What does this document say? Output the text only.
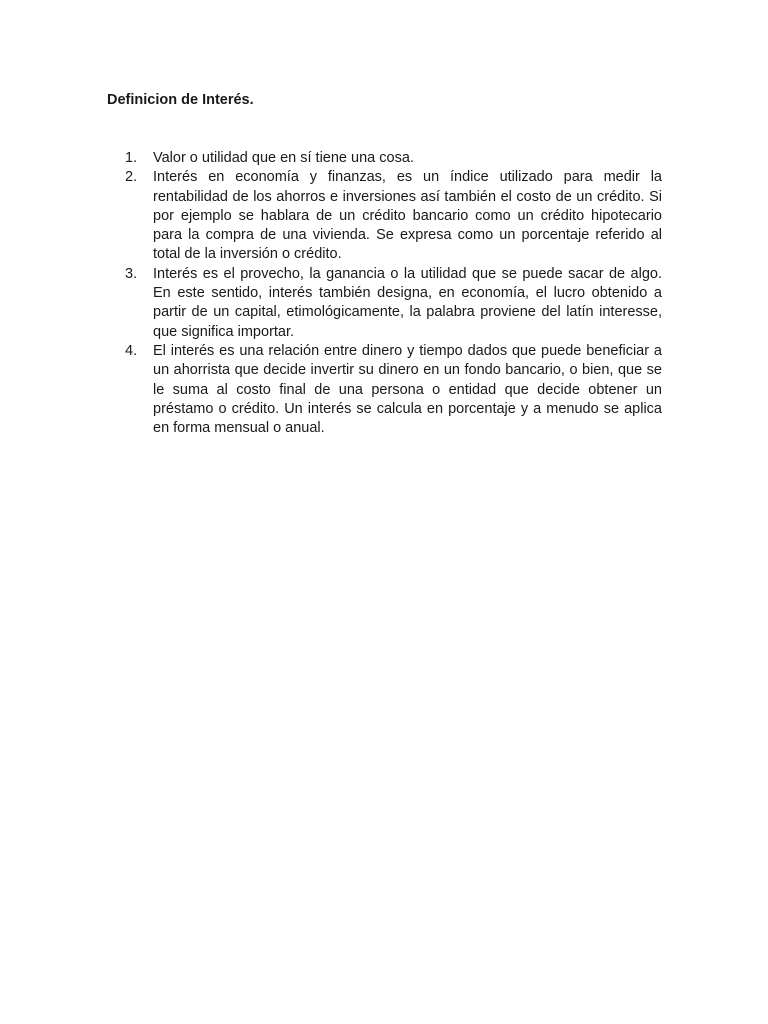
Definicion de Interés.
1.	Valor o utilidad que en sí tiene una cosa.
2.	Interés en economía y finanzas, es un índice utilizado para medir la rentabilidad de los ahorros e inversiones así también el costo de un crédito. Si por ejemplo se hablara de un crédito bancario como un crédito hipotecario para la compra de una vivienda. Se expresa como un porcentaje referido al total de la inversión o crédito.
3.	Interés es el provecho, la ganancia o la utilidad que se puede sacar de algo. En este sentido, interés también designa, en economía, el lucro obtenido a partir de un capital, etimológicamente, la palabra proviene del latín interesse, que significa importar.
4.	El interés es una relación entre dinero y tiempo dados que puede beneficiar a un ahorrista que decide invertir su dinero en un fondo bancario, o bien, que se le suma al costo final de una persona o entidad que decide obtener un préstamo o crédito. Un interés se calcula en porcentaje y a menudo se aplica en forma mensual o anual.
